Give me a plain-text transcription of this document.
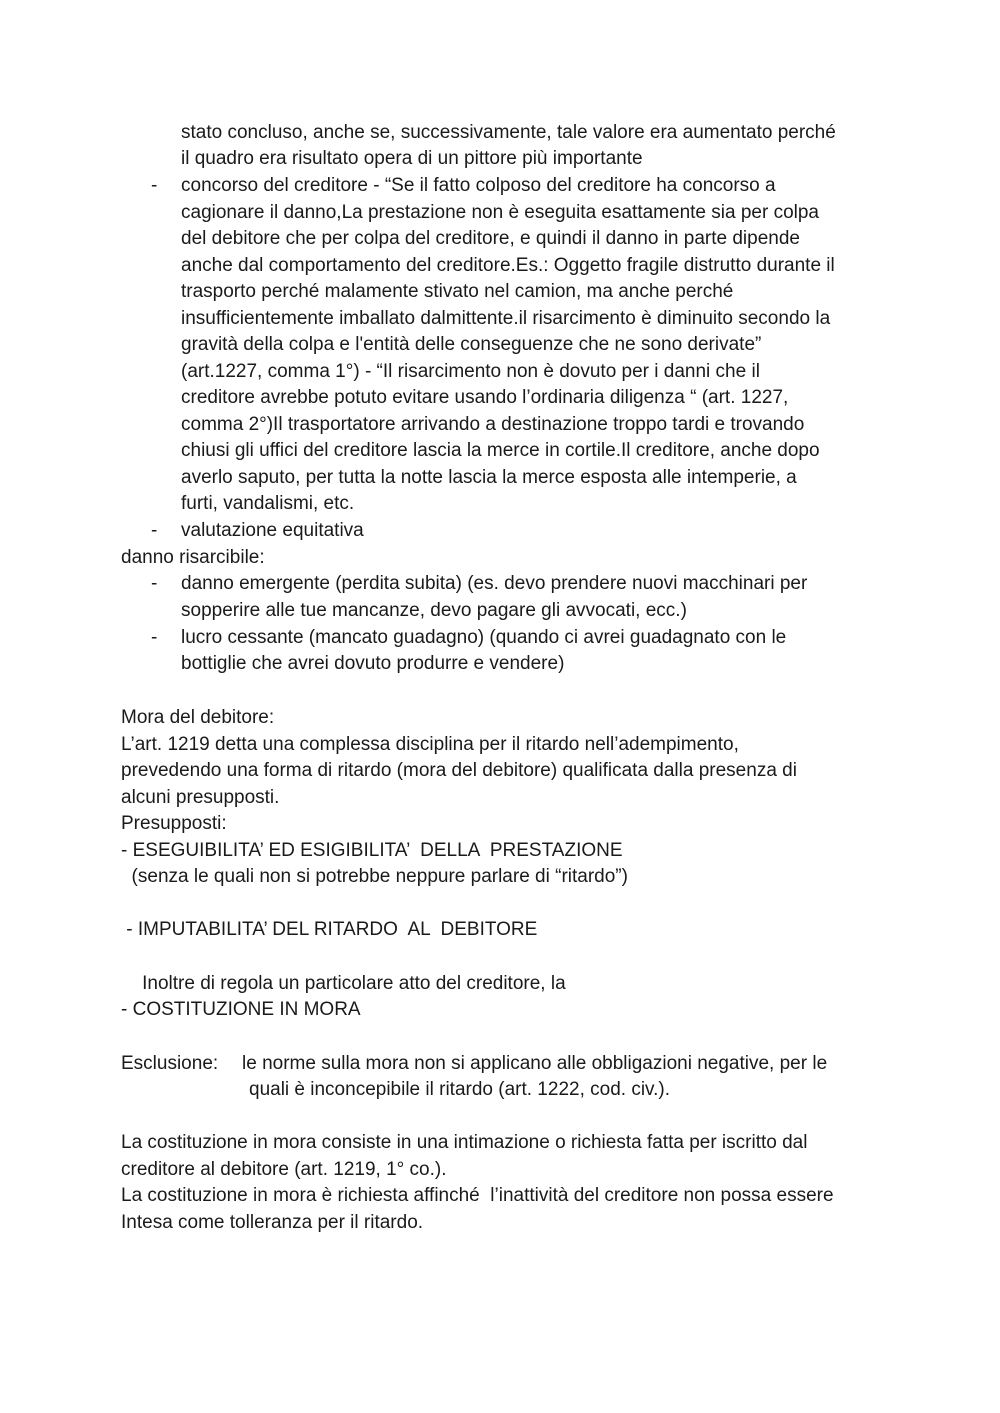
stato concluso, anche se, successivamente, tale valore era aumentato perché
il quadro era risultato opera di un pittore più importante
- concorso del creditore - “Se il fatto colposo del creditore ha concorso a
cagionare il danno,La prestazione non è eseguita esattamente sia per colpa
del debitore che per colpa del creditore, e quindi il danno in parte dipende
anche dal comportamento del creditore.Es.: Oggetto fragile distrutto durante il
trasporto perché malamente stivato nel camion, ma anche perché
insufficientemente imballato dalmittente.il risarcimento è diminuito secondo la
gravità della colpa e l'entità delle conseguenze che ne sono derivate”
(art.1227, comma 1°) - “Il risarcimento non è dovuto per i danni che il
creditore avrebbe potuto evitare usando l’ordinaria diligenza “ (art. 1227,
comma 2°)Il trasportatore arrivando a destinazione troppo tardi e trovando
chiusi gli uffici del creditore lascia la merce in cortile.Il creditore, anche dopo
averlo saputo, per tutta la notte lascia la merce esposta alle intemperie, a
furti, vandalismi, etc.
- valutazione equitativa
danno risarcibile:
- danno emergente (perdita subita) (es. devo prendere nuovi macchinari per
sopperire alle tue mancanze, devo pagare gli avvocati, ecc.)
- lucro cessante (mancato guadagno) (quando ci avrei guadagnato con le
bottiglie che avrei dovuto produrre e vendere)
Mora del debitore:
L’art. 1219 detta una complessa disciplina per il ritardo nell’adempimento,
prevedendo una forma di ritardo (mora del debitore) qualificata dalla presenza di
alcuni presupposti.
Presupposti:
- ESEGUIBILITA’ ED ESIGIBILITA’  DELLA  PRESTAZIONE
(senza le quali non si potrebbe neppure parlare di “ritardo”)
- IMPUTABILITA’ DEL RITARDO  AL  DEBITORE
Inoltre di regola un particolare atto del creditore, la
- COSTITUZIONE IN MORA
Esclusione: le norme sulla mora non si applicano alle obbligazioni negative, per le
quali è inconcepibile il ritardo (art. 1222, cod. civ.).
La costituzione in mora consiste in una intimazione o richiesta fatta per iscritto dal
creditore al debitore (art. 1219, 1° co.).
La costituzione in mora è richiesta affinché  l’inattività del creditore non possa essere
Intesa come tolleranza per il ritardo.
